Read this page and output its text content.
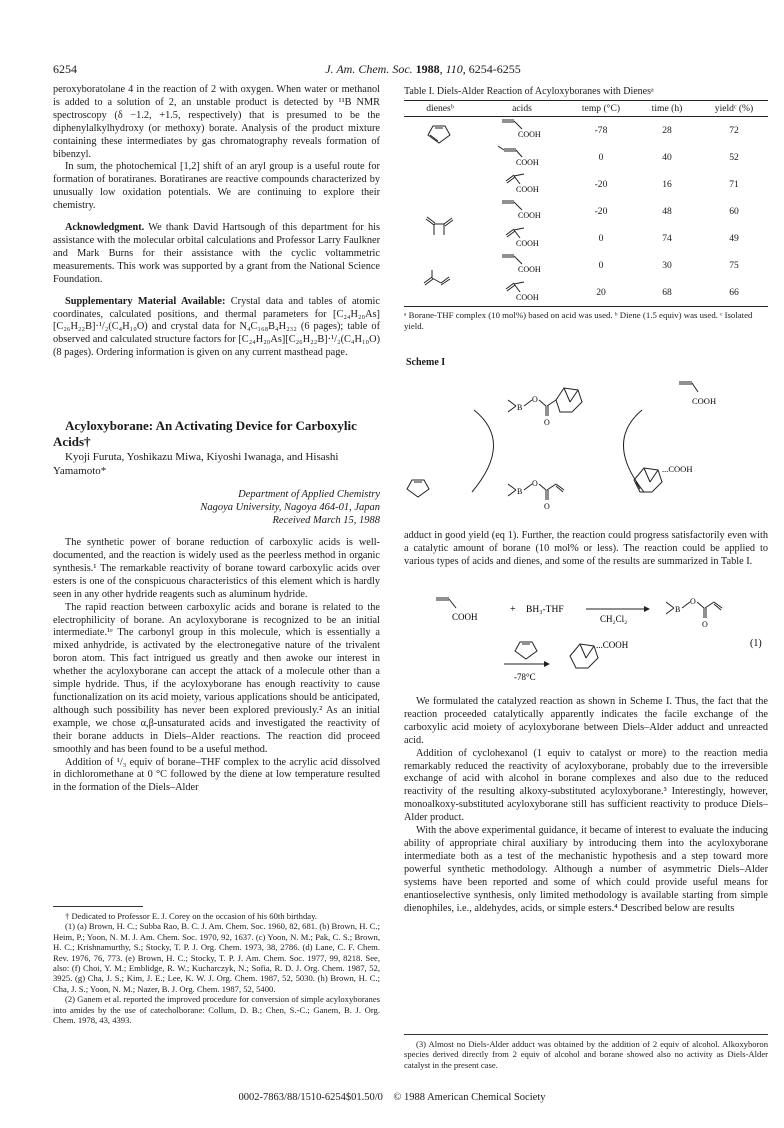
6254	J. Am. Chem. Soc. 1988, 110, 6254-6255

peroxyboratolane 4 in the reaction of 2 with oxygen. When water or methanol is added to a solution of 2, an unstable product is detected by ¹¹B NMR spectroscopy (δ −1.2, +1.5, respectively) that is presumed to be the diphenylalkylhydroxy (or methoxy) borate. Analysis of the product mixture containing these intermediates by gas chromatography reveals formation of bibenzyl.

In sum, the photochemical [1,2] shift of an aryl group is a useful route for formation of boratiranes. Boratiranes are reactive compounds characterized by unusually low oxidation potentials. We are continuing to explore their chemistry.

Acknowledgment. We thank David Hartsough of this department for his assistance with the molecular orbital calculations and Professor Larry Faulkner and Mark Burns for their assistance with the cyclic voltammetric measurements. This work was supported by a grant from the National Science Foundation.

Supplementary Material Available: Crystal data and tables of atomic coordinates, calculated positions, and thermal parameters for [C₂₄H₂₀As][C₂₆H₂₂B]·¹/₂(C₄H₁₀O) and crystal data for N₄C₁₆₈B₄H₂₃₂ (6 pages); table of observed and calculated structure factors for [C₂₄H₂₀As][C₂₆H₂₂B]·¹/₂(C₄H₁₀O) (8 pages). Ordering information is given on any current masthead page.

Acyloxyborane: An Activating Device for Carboxylic Acids†

Kyoji Furuta, Yoshikazu Miwa, Kiyoshi Iwanaga, and Hisashi Yamamoto*

Department of Applied Chemistry
Nagoya University, Nagoya 464-01, Japan
Received March 15, 1988

The synthetic power of borane reduction of carboxylic acids is well-documented, and the reaction is widely used as the peerless method in organic synthesis.¹ The remarkable reactivity of borane toward carboxylic acids over esters is one of the conspicuous characteristics of this element which is hardly seen in any other hydride reagents such as aluminum hydride.

The rapid reaction between carboxylic acids and borane is related to the electrophilicity of borane. An acyloxyborane is recognized to be an initial intermediate.¹ᵉ The carbonyl group in this molecule, which is essentially a mixed anhydride, is activated by the electronegative nature of the trivalent boron atom. This fact intrigued us greatly and then awoke our interest in whether the acyloxyborane can accept the attack of a molecule other than a simple hydride. Thus, if the acyloxyborane has enough reactivity to cause functionalization on its acid moiety, various applications should be anticipated, although such possibility has never been explored previously.² As an initial example, we chose α,β-unsaturated acids and investigated the reactivity of their borane adducts in Diels–Alder reactions. The reaction did proceed smoothly and has been found to be a useful method.

Addition of ¹/₃ equiv of borane–THF complex to the acrylic acid dissolved in dichloromethane at 0 °C followed by the diene at low temperature resulted in the formation of the Diels–Alder

† Dedicated to Professor E. J. Corey on the occasion of his 60th birthday.

(1) (a) Brown, H. C.; Subba Rao, B. C. J. Am. Chem. Soc. 1960, 82, 681. (b) Brown, H. C.; Heim, P.; Yoon, N. M. J. Am. Chem. Soc. 1970, 92, 1637. (c) Yoon, N. M.; Pak, C. S.; Brown, H. C.; Krishnamurthy, S.; Stocky, T. P. J. Org. Chem. 1973, 38, 2786. (d) Lane, C. F. Chem. Rev. 1976, 76, 773. (e) Brown, H. C.; Stocky, T. P. J. Am. Chem. Soc. 1977, 99, 8218. See, also: (f) Choi, Y. M.; Emblidge, R. W.; Kucharczyk, N.; Sofia, R. D. J. Org. Chem. 1987, 52, 3925. (g) Cha, J. S.; Kim, J. E.; Lee, K. W. J. Org. Chem. 1987, 52, 5030. (h) Brown, H. C.; Cha, J. S.; Yoon, N. M.; Nazer, B. J. Org. Chem. 1987, 52, 5400.

(2) Ganem et al. reported the improved procedure for conversion of simple acyloxyboranes into amides by the use of catecholborane: Collum, D. B.; Chen, S.-C.; Ganem, B. J. Org. Chem. 1978, 43, 4393.

Table I. Diels-Alder Reaction of Acyloxyboranes with Dienesᵃ
dienesᵇ	acids	temp (°C)	time (h)	yieldᶜ (%)

COOH	-78	28	72

COOH	0	40	52

COOH	-20	16	71

COOH	-20	48	60

COOH	0	74	49

COOH	0	30	75

COOH	20	68	66
ᵃ Borane-THF complex (10 mol%) based on acid was used. ᵇ Diene (1.5 equiv) was used. ᶜ Isolated yield.
Scheme I
B
O
O
COOH
B
O
O
...COOH

adduct in good yield (eq 1). Further, the reaction could progress satisfactorily even with a catalytic amount of borane (10 mol% or less). The reaction could be applied to various types of acids and dienes, and some of the results are summarized in Table I.

COOH
+ BH₃-THF
CH₂Cl₂
B
O
O
(1)
-78°C
...COOH

We formulated the catalyzed reaction as shown in Scheme I. Thus, the fact that the reaction proceeded catalytically apparently indicates the facile exchange of the carboxylic acid moiety of acyloxyborane between Diels–Alder adduct and unreacted acid.

Addition of cyclohexanol (1 equiv to catalyst or more) to the reaction media remarkably reduced the reactivity of acyloxyborane, probably due to the irreversible exchange of acid with alcohol in borane complexes and also due to the reduced reactivity of the resulting alkoxy-substituted acyloxyborane.³ Interestingly, however, monoalkoxy-substituted acyloxyborane still has sufficient reactivity to produce Diels–Alder product.

With the above experimental guidance, it became of interest to evaluate the inducing ability of appropriate chiral auxiliary by introducing them into the acyloxyborane intermediate both as a test of the mechanistic hypothesis and a step toward more powerful synthetic methodology. Although a number of asymmetric Diels–Alder systems have been reported and some of which could provide useful means for enantioselective synthesis, only limited methodology is available starting from simple dienophiles, i.e., aldehydes, acids, or simple esters.⁴ Described below are results

(3) Almost no Diels-Alder adduct was obtained by the addition of 2 equiv of alcohol. Alkoxyboron species derived directly from 2 equiv of alcohol and borane showed also no activity as Diels-Alder catalyst in the present case.

0002-7863/88/1510-6254$01.50/0 © 1988 American Chemical Society
